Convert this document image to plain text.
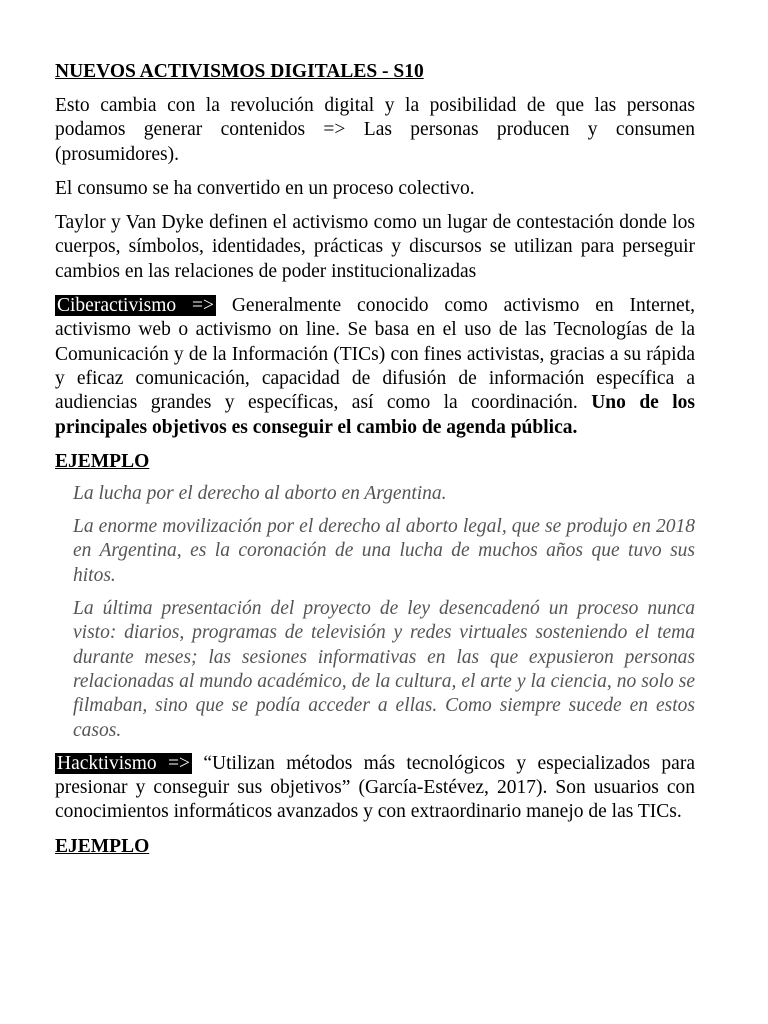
NUEVOS ACTIVISMOS DIGITALES - S10
Esto cambia con la revolución digital y la posibilidad de que las personas podamos generar contenidos => Las personas producen y consumen (prosumidores).
El consumo se ha convertido en un proceso colectivo.
Taylor y Van Dyke definen el activismo como un lugar de contestación donde los cuerpos, símbolos, identidades, prácticas y discursos se utilizan para perseguir cambios en las relaciones de poder institucionalizadas
Ciberactivismo => Generalmente conocido como activismo en Internet, activismo web o activismo on line. Se basa en el uso de las Tecnologías de la Comunicación y de la Información (TICs) con fines activistas, gracias a su rápida y eficaz comunicación, capacidad de difusión de información específica a audiencias grandes y específicas, así como la coordinación. Uno de los principales objetivos es conseguir el cambio de agenda pública.
EJEMPLO
La lucha por el derecho al aborto en Argentina.
La enorme movilización por el derecho al aborto legal, que se produjo en 2018 en Argentina, es la coronación de una lucha de muchos años que tuvo sus hitos.
La última presentación del proyecto de ley desencadenó un proceso nunca visto: diarios, programas de televisión y redes virtuales sosteniendo el tema durante meses; las sesiones informativas en las que expusieron personas relacionadas al mundo académico, de la cultura, el arte y la ciencia, no solo se filmaban, sino que se podía acceder a ellas. Como siempre sucede en estos casos.
Hacktivismo => “Utilizan métodos más tecnológicos y especializados para presionar y conseguir sus objetivos” (García-Estévez, 2017). Son usuarios con conocimientos informáticos avanzados y con extraordinario manejo de las TICs.
EJEMPLO
